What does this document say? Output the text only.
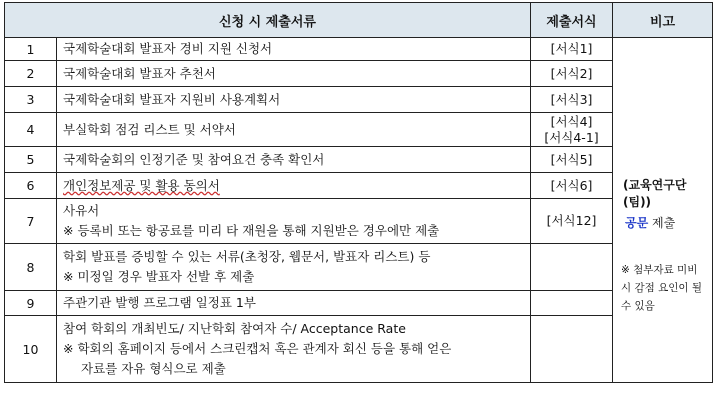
신청 시 제출서류		제출서식	비고
1	국제학술대회 발표자 경비 지원 신청서	[서식1]	(교육연구단(팀))
공문 제출
※ 첨부자료 미비
시 감점 요인이 될
수 있음

2	국제학술대회 발표자 추천서	[서식2]	
3	국제학술대회 발표자 지원비 사용계획서	[서식3]	
4	부실학회 점검 리스트 및 서약서	[서식4]
[서식4-1]	

5	국제학술회의 인정기준 및 참여요건 충족 확인서	[서식5]	
6	개인정보제공 및 활용 동의서	[서식6]	
7	사유서
※ 등록비 또는 항공료를 미리 타 재원을 통해 지원받은 경우에만 제출	[서식12]	
8	학회 발표를 증빙할 수 있는 서류(초청장, 웹문서, 발표자 리스트) 등
※ 미정일 경우 발표자 선발 후 제출		

9	주관기관 발행 프로그램 일정표 1부		
10	참여 학회의 개최빈도/ 지난학회 참여자 수/ Acceptance Rate
※ 학회의 홈페이지 등에서 스크린캡처 혹은 관계자 회신 등을 통해 얻은
자료를 자유 형식으로 제출		
